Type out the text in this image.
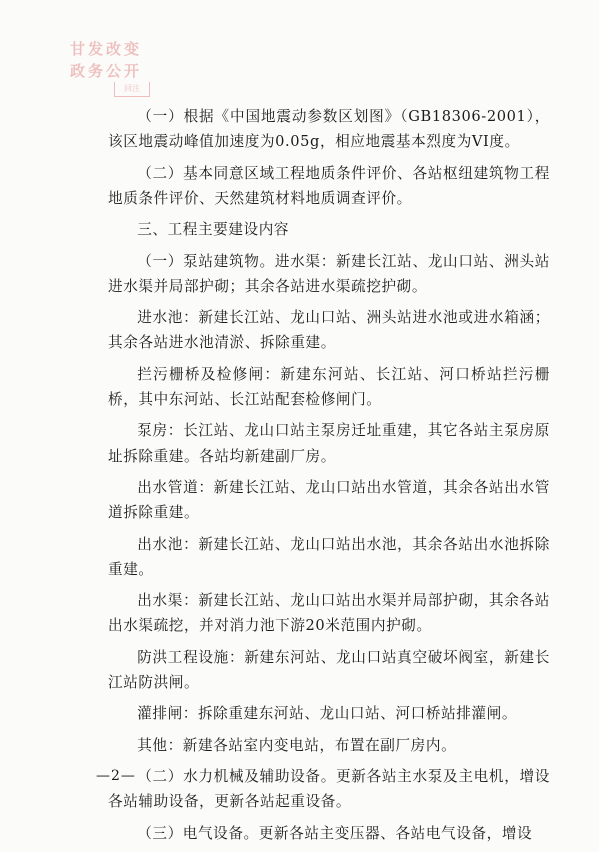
甘发改变
政务公开
回注

（一）根据《中国地震动参数区划图》（GB18306-2001），该区地震动峰值加速度为0.05g，相应地震基本烈度为VI度。

（二）基本同意区域工程地质条件评价、各站枢纽建筑物工程地质条件评价、天然建筑材料地质调查评价。

三、工程主要建设内容

（一）泵站建筑物。进水渠：新建长江站、龙山口站、洲头站进水渠并局部护砌；其余各站进水渠疏挖护砌。

进水池：新建长江站、龙山口站、洲头站进水池或进水箱涵；其余各站进水池清淤、拆除重建。

拦污栅桥及检修闸：新建东河站、长江站、河口桥站拦污栅桥，其中东河站、长江站配套检修闸门。

泵房：长江站、龙山口站主泵房迁址重建，其它各站主泵房原址拆除重建。各站均新建副厂房。

出水管道：新建长江站、龙山口站出水管道，其余各站出水管道拆除重建。

出水池：新建长江站、龙山口站出水池，其余各站出水池拆除重建。

出水渠：新建长江站、龙山口站出水渠并局部护砌，其余各站出水渠疏挖，并对消力池下游20米范围内护砌。

防洪工程设施：新建东河站、龙山口站真空破坏阀室，新建长江站防洪闸。

灌排闸：拆除重建东河站、龙山口站、河口桥站排灌闸。

其他：新建各站室内变电站，布置在副厂房内。

（二）水力机械及辅助设备。更新各站主水泵及主电机，增设各站辅助设备，更新各站起重设备。

（三）电气设备。更新各站主变压器、各站电气设备，增设

—2—
